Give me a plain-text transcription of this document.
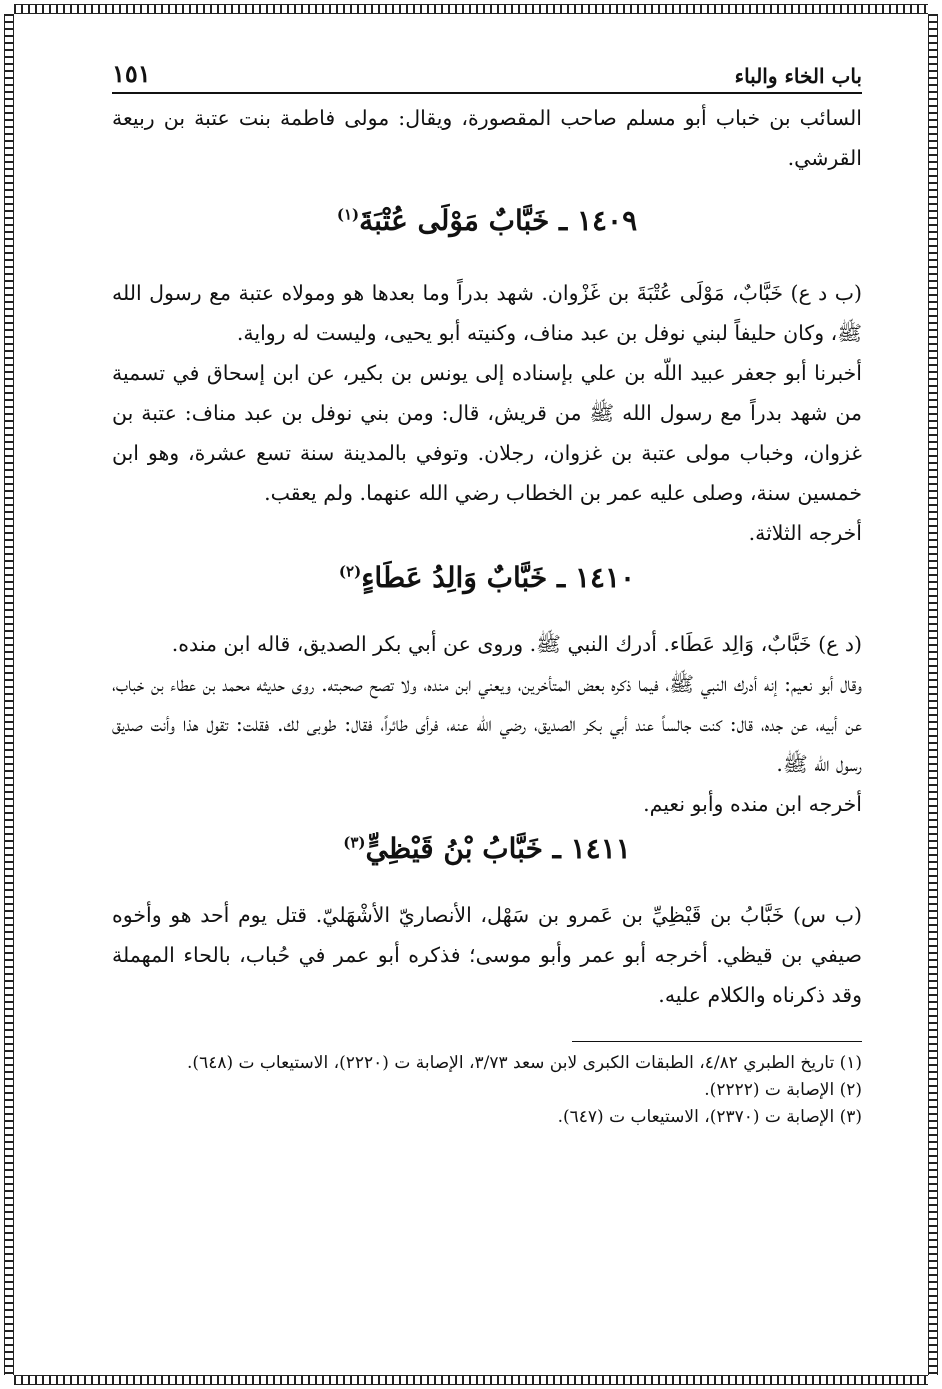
باب الخاء والباء
١٥١

السائب بن خباب أبو مسلم صاحب المقصورة، ويقال: مولى فاطمة بنت عتبة بن ربيعة القرشي.

١٤٠٩ ـ خَبَّابٌ مَوْلَى عُتْبَةَ$^{(١)}$

(ب د ع) خَبَّابٌ، مَوْلَى عُتْبَةَ بن غَزْوان. شهد بدراً وما بعدها هو ومولاه عتبة مع رسول الله ﷺ، وكان حليفاً لبني نوفل بن عبد مناف، وكنيته أبو يحيى، وليست له رواية.

أخبرنا أبو جعفر عبيد اللّه بن علي بإسناده إلى يونس بن بكير، عن ابن إسحاق في تسمية من شهد بدراً مع رسول الله ﷺ من قريش، قال: ومن بني نوفل بن عبد مناف: عتبة بن غزوان، وخباب مولى عتبة بن غزوان، رجلان. وتوفي بالمدينة سنة تسع عشرة، وهو ابن خمسين سنة، وصلى عليه عمر بن الخطاب رضي الله عنهما. ولم يعقب.

أخرجه الثلاثة.

١٤١٠ ـ خَبَّابٌ وَالِدُ عَطَاءٍ$^{(٢)}$

(د ع) خَبَّابٌ، وَالِد عَطَاء. أدرك النبي ﷺ. وروى عن أبي بكر الصديق، قاله ابن منده.

وقال أبو نعيم: إنه أدرك النبي ﷺ، فيما ذكره بعض المتأخرين، ويعني ابن منده، ولا تصح صحبته. روى حديثه محمد بن عطاء بن خباب، عن أبيه، عن جده، قال: كنت جالساً عند أبي بكر الصديق، رضي الله عنه، فرأى طائراً، فقال: طوبى لك. فقلت: تقول هذا وأنت صديق رسول الله ﷺ.

أخرجه ابن منده وأبو نعيم.

١٤١١ ـ خَبَّابُ بْنُ قَيْظِيٍّ$^{(٣)}$

(ب س) خَبَّابُ بن قَيْظِيِّ بن عَمرو بن سَهْل، الأنصاريّ الأشْهَليّ. قتل يوم أحد هو وأخوه صيفي بن قيظي. أخرجه أبو عمر وأبو موسى؛ فذكره أبو عمر في حُباب، بالحاء المهملة وقد ذكرناه والكلام عليه.

(١) تاريخ الطبري ٤/٨٢، الطبقات الكبرى لابن سعد ٣/٧٣، الإصابة ت (٢٢٢٠)، الاستيعاب ت (٦٤٨).

(٢) الإصابة ت (٢٢٢٢).

(٣) الإصابة ت (٢٣٧٠)، الاستيعاب ت (٦٤٧).
